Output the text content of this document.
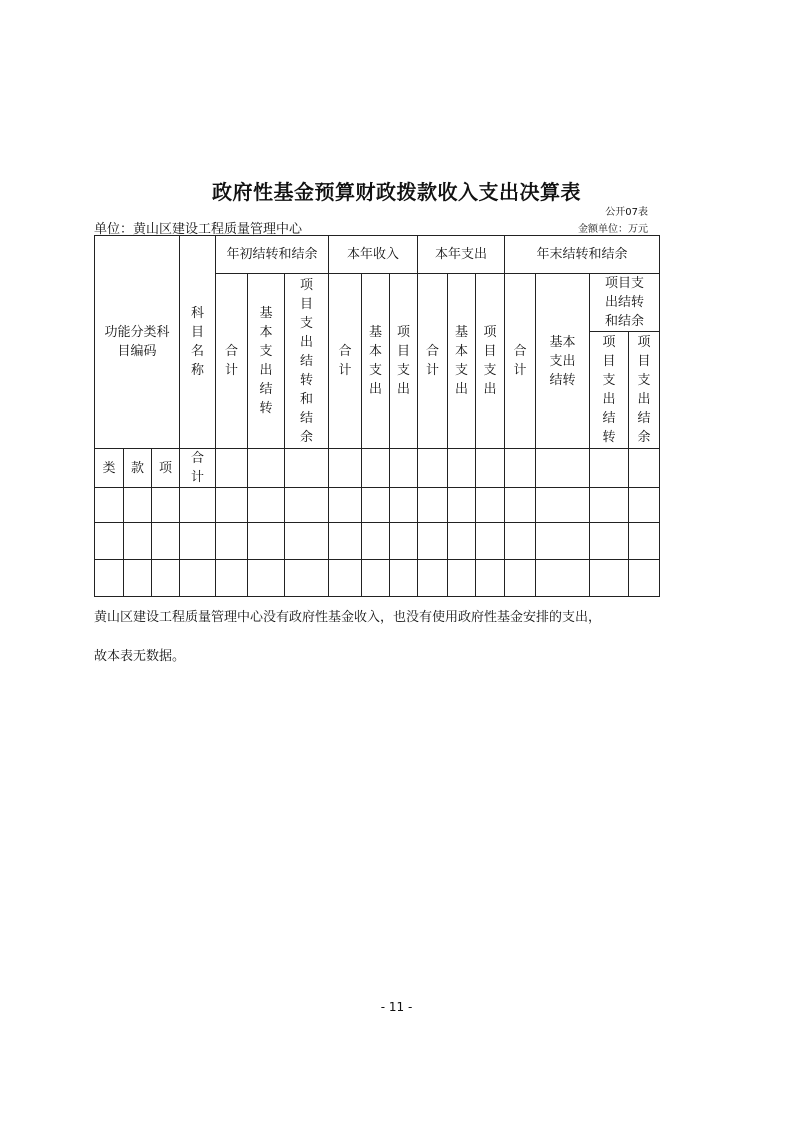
政府性基金预算财政拨款收入支出决算表
公开07表
单位：黄山区建设工程质量管理中心	金额单位：万元
功能分类科目编码			科目名称	年初结转和结余			本年收入			本年支出			年末结转和结余			
				合计	基本支出结转	项目支出结转和结余	合计	基本支出	项目支出	合计	基本支出	项目支出	合计	基本支出结转	项目支出结转和结余	
															项目支出结转	项目支出结余
类	款	项	合计													

黄山区建设工程质量管理中心没有政府性基金收入，也没有使用政府性基金安排的支出，
故本表无数据。
- 11 -
